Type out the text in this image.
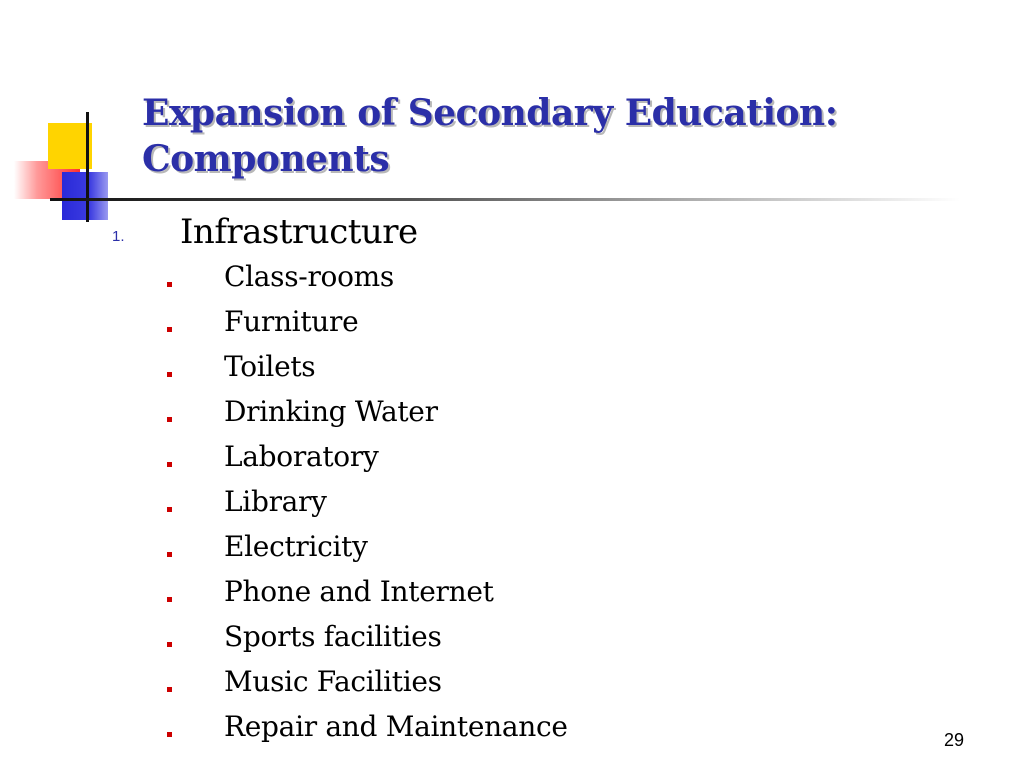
Expansion of Secondary Education:
Components
1. Infrastructure
Class-rooms
Furniture
Toilets
Drinking Water
Laboratory
Library
Electricity
Phone and Internet
Sports facilities
Music Facilities
Repair and Maintenance	29
